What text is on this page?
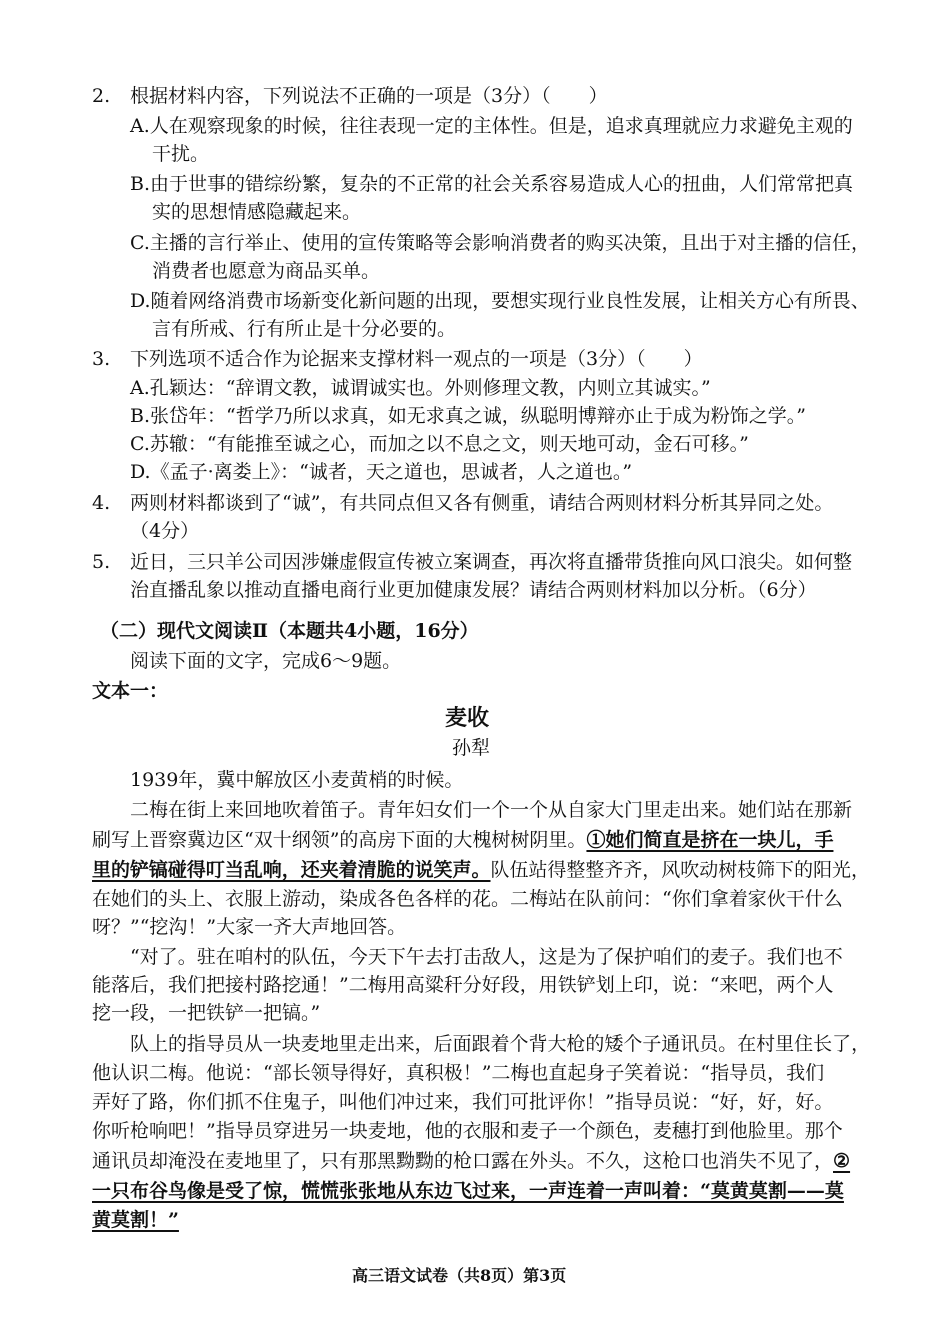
2. 根据材料内容，下列说法不正确的一项是（3分）（　　）
A.人在观察现象的时候，往往表现一定的主体性。但是，追求真理就应力求避免主观的
干扰。
B.由于世事的错综纷繁，复杂的不正常的社会关系容易造成人心的扭曲，人们常常把真
实的思想情感隐藏起来。
C.主播的言行举止、使用的宣传策略等会影响消费者的购买决策，且出于对主播的信任，
消费者也愿意为商品买单。
D.随着网络消费市场新变化新问题的出现，要想实现行业良性发展，让相关方心有所畏、
言有所戒、行有所止是十分必要的。
3. 下列选项不适合作为论据来支撑材料一观点的一项是（3分）（　　）
A.孔颖达：“辞谓文教，诚谓诚实也。外则修理文教，内则立其诚实。”
B.张岱年：“哲学乃所以求真，如无求真之诚，纵聪明博辩亦止于成为粉饰之学。”
C.苏辙：“有能推至诚之心，而加之以不息之文，则天地可动，金石可移。”
D.《孟子·离娄上》：“诚者，天之道也，思诚者，人之道也。”
4. 两则材料都谈到了“诚”，有共同点但又各有侧重，请结合两则材料分析其异同之处。
（4分）
5. 近日，三只羊公司因涉嫌虚假宣传被立案调查，再次将直播带货推向风口浪尖。如何整
治直播乱象以推动直播电商行业更加健康发展？请结合两则材料加以分析。（6分）
（二）现代文阅读Ⅱ（本题共4小题，16分）
阅读下面的文字，完成6～9题。
文本一：
麦收
孙犁
1939年，冀中解放区小麦黄梢的时候。
二梅在街上来回地吹着笛子。青年妇女们一个一个从自家大门里走出来。她们站在那新
刷写上晋察冀边区“双十纲领”的高房下面的大槐树树阴里。①她们简直是挤在一块儿，手
里的铲镐碰得叮当乱响，还夹着清脆的说笑声。队伍站得整整齐齐，风吹动树枝筛下的阳光，
在她们的头上、衣服上游动，染成各色各样的花。二梅站在队前问：“你们拿着家伙干什么
呀？”“挖沟！”大家一齐大声地回答。
“对了。驻在咱村的队伍，今天下午去打击敌人，这是为了保护咱们的麦子。我们也不
能落后，我们把接村路挖通！”二梅用高粱秆分好段，用铁铲划上印，说：“来吧，两个人
挖一段，一把铁铲一把镐。”
队上的指导员从一块麦地里走出来，后面跟着个背大枪的矮个子通讯员。在村里住长了，
他认识二梅。他说：“部长领导得好，真积极！”二梅也直起身子笑着说：“指导员，我们
弄好了路，你们抓不住鬼子，叫他们冲过来，我们可批评你！”指导员说：“好，好，好。
你听枪响吧！”指导员穿进另一块麦地，他的衣服和麦子一个颜色，麦穗打到他脸里。那个
通讯员却淹没在麦地里了，只有那黑黝黝的枪口露在外头。不久，这枪口也消失不见了，②
一只布谷鸟像是受了惊，慌慌张张地从东边飞过来，一声连着一声叫着：“莫黄莫割——莫
黄莫割！”
高三语文试卷（共8页）第3页
